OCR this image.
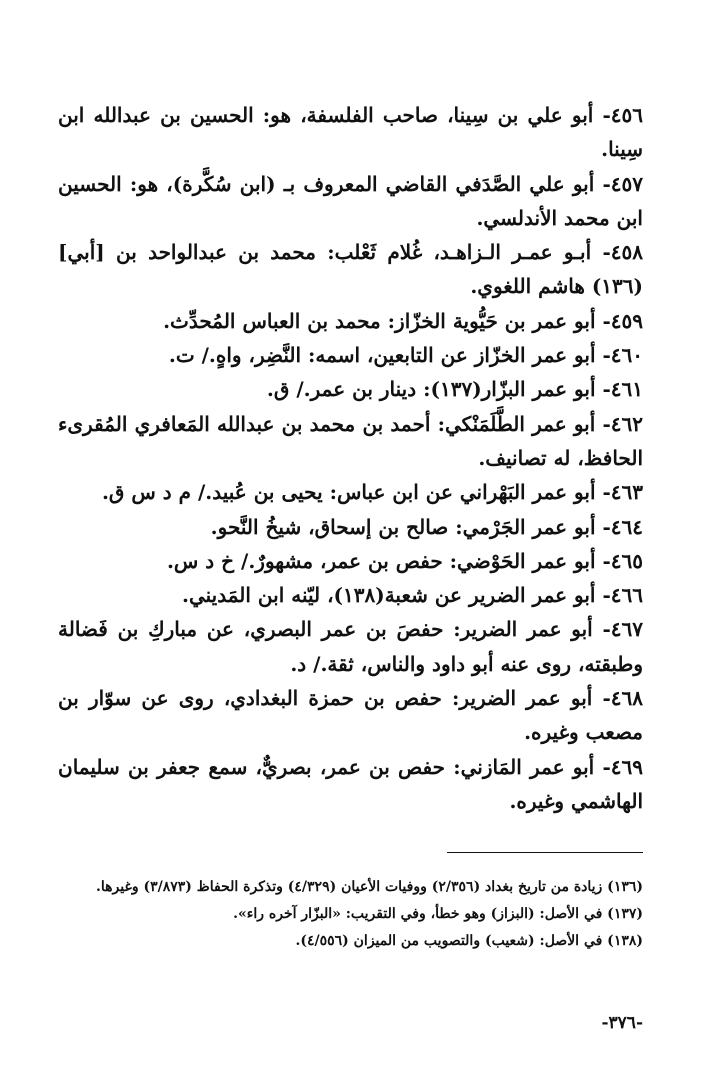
٤٥٦- أبو علي بن سِينا، صاحب الفلسفة، هو: الحسين بن عبدالله ابن سِينا.
٤٥٧- أبو علي الصَّدَفي القاضي المعروف بـ (ابن سُكَّرة)، هو: الحسين ابن محمد الأندلسي.
٤٥٨- أبـو عمـر الـزاهـد، غُلام ثَعْلب: محمد بن عبدالواحد بن [أبي](١٣٦) هاشم اللغوي.
٤٥٩- أبو عمر بن حَيُّوية الخزّاز: محمد بن العباس المُحدِّث.
٤٦٠- أبو عمر الخزّاز عن التابعين، اسمه: النَّضِر، واهٍ./ ت.
٤٦١- أبو عمر البزّار(١٣٧): دينار بن عمر./ ق.
٤٦٢- أبو عمر الطَّلَمَنْكي: أحمد بن محمد بن عبدالله المَعافري المُقرىء الحافظ، له تصانيف.
٤٦٣- أبو عمر البَهْراني عن ابن عباس: يحيى بن عُبيد./ م د س ق.
٤٦٤- أبو عمر الجَرْمي: صالح بن إسحاق، شيخُ النَّحو.
٤٦٥- أبو عمر الحَوْضي: حفص بن عمر، مشهورٌ./ خ د س.
٤٦٦- أبو عمر الضرير عن شعبة(١٣٨)، ليّنه ابن المَديني.
٤٦٧- أبو عمر الضرير: حفصَ بن عمر البصري، عن مباركِ بن فَضالة وطبقته، روى عنه أبو داود والناس، ثقة./ د.
٤٦٨- أبو عمر الضرير: حفص بن حمزة البغدادي، روى عن سوّار بن مصعب وغيره.
٤٦٩- أبو عمر المَازني: حفص بن عمر، بصريٌّ، سمع جعفر بن سليمان الهاشمي وغيره.
(١٣٦) زيادة من تاريخ بغداد (٢/٣٥٦) ووفيات الأعيان (٤/٣٢٩) وتذكرة الحفاظ (٣/٨٧٣) وغيرها.
(١٣٧) في الأصل: (البزاز) وهو خطأ، وفي التقريب: «البزّار آخره راء».
(١٣٨) في الأصل: (شعيب) والتصويب من الميزان (٤/٥٥٦).
-٣٧٦-
